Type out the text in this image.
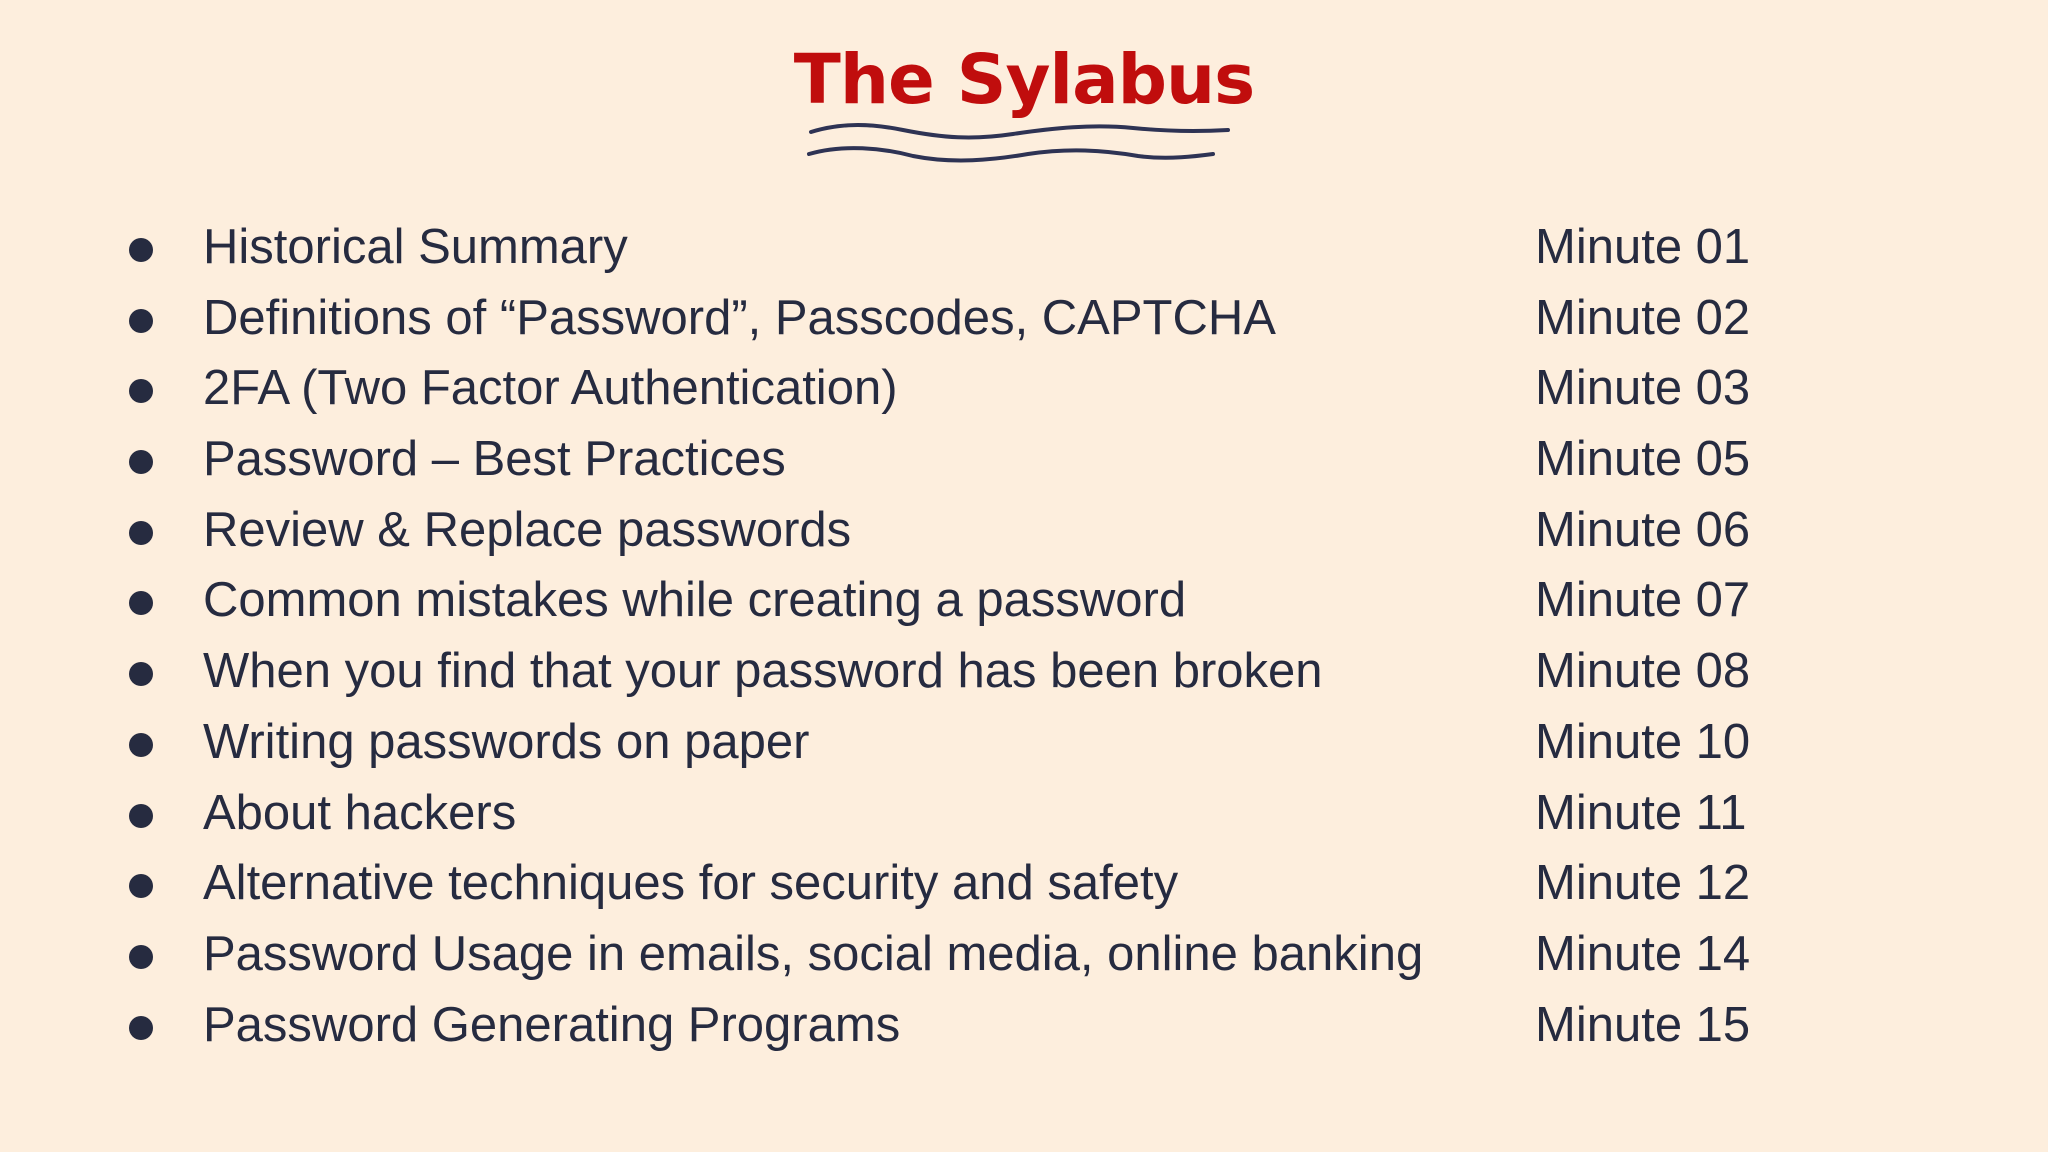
The Sylabus
Historical Summary	Minute 01
Definitions of “Password”, Passcodes, CAPTCHA	Minute 02
2FA (Two Factor Authentication)	Minute 03
Password – Best Practices	Minute 05
Review & Replace passwords	Minute 06
Common mistakes while creating a password	Minute 07
When you find that your password has been broken	Minute 08
Writing passwords on paper	Minute 10
About hackers	Minute 11
Alternative techniques for security and safety	Minute 12
Password Usage in emails, social media, online banking Minute 14
Password Generating Programs	Minute 15
